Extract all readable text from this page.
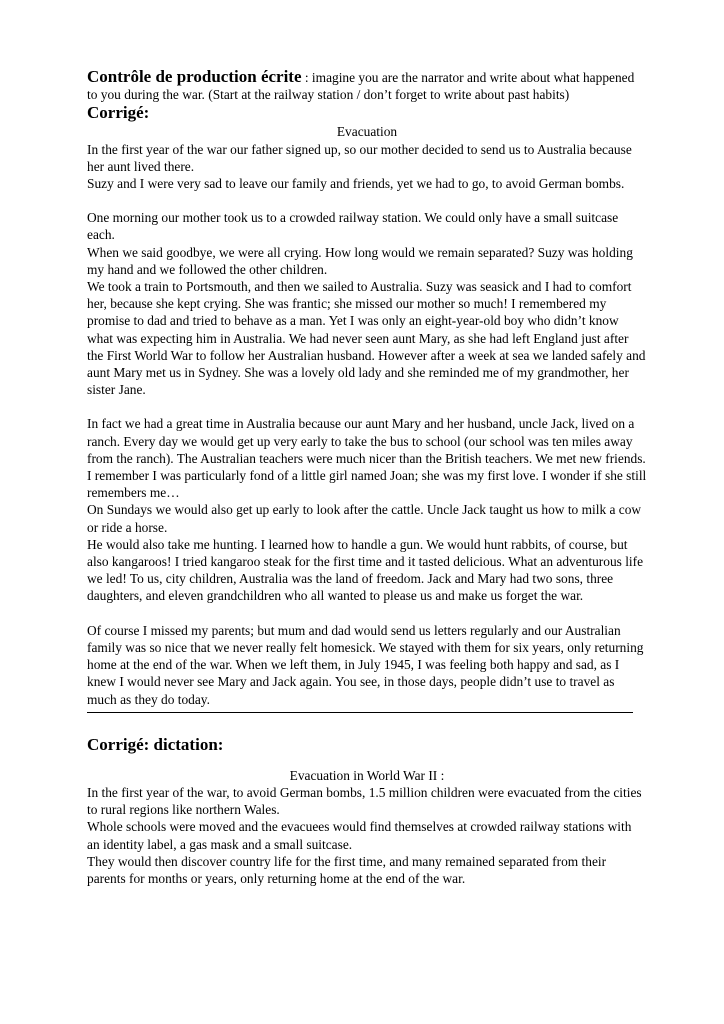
Contrôle de production écrite : imagine you are the narrator and write about what happened to you during the war. (Start at the railway station / don’t forget to write about past habits)

Corrigé:

Evacuation

In the first year of the war our father signed up, so our mother decided to send us to Australia because her aunt lived there.

Suzy and I were very sad to leave our family and friends, yet we had to go, to avoid German bombs.

One morning our mother took us to a crowded railway station. We could only have a small suitcase each.

When we said goodbye, we were all crying. How long would we remain separated? Suzy was holding my hand and we followed the other children.

We took a train to Portsmouth, and then we sailed to Australia. Suzy was seasick and I had to comfort her, because she kept crying. She was frantic; she missed our mother so much! I remembered my promise to dad and tried to behave as a man. Yet I was only an eight-year-old boy who didn’t know what was expecting him in Australia. We had never seen aunt Mary, as she had left England just after the First World War to follow her Australian husband. However after a week at sea we landed safely and aunt Mary met us in Sydney. She was a lovely old lady and she reminded me of my grandmother, her sister Jane.

In fact we had a great time in Australia because our aunt Mary and her husband, uncle Jack, lived on a ranch. Every day we would get up very early to take the bus to school (our school was ten miles away from the ranch). The Australian teachers were much nicer than the British teachers. We met new friends. I remember I was particularly fond of a little girl named Joan; she was my first love. I wonder if she still remembers me…

On Sundays we would also get up early to look after the cattle. Uncle Jack taught us how to milk a cow or ride a horse.

He would also take me hunting. I learned how to handle a gun. We would hunt rabbits, of course, but also kangaroos! I tried kangaroo steak for the first time and it tasted delicious. What an adventurous life we led! To us, city children, Australia was the land of freedom. Jack and Mary had two sons, three daughters, and eleven grandchildren who all wanted to please us and make us forget the war.

Of course I missed my parents; but mum and dad would send us letters regularly and our Australian family was so nice that we never really felt homesick. We stayed with them for six years, only returning home at the end of the war. When we left them, in July 1945, I was feeling both happy and sad, as I knew I would never see Mary and Jack again. You see, in those days, people didn’t use to travel as much as they do today.

Corrigé: dictation:

Evacuation in World War II :

In the first year of the war, to avoid German bombs, 1.5 million children were evacuated from the cities to rural regions like northern Wales.

Whole schools were moved and the evacuees would find themselves at crowded railway stations with an identity label, a gas mask and a small suitcase.

They would then discover country life for the first time, and many remained separated from their parents for months or years, only returning home at the end of the war.
